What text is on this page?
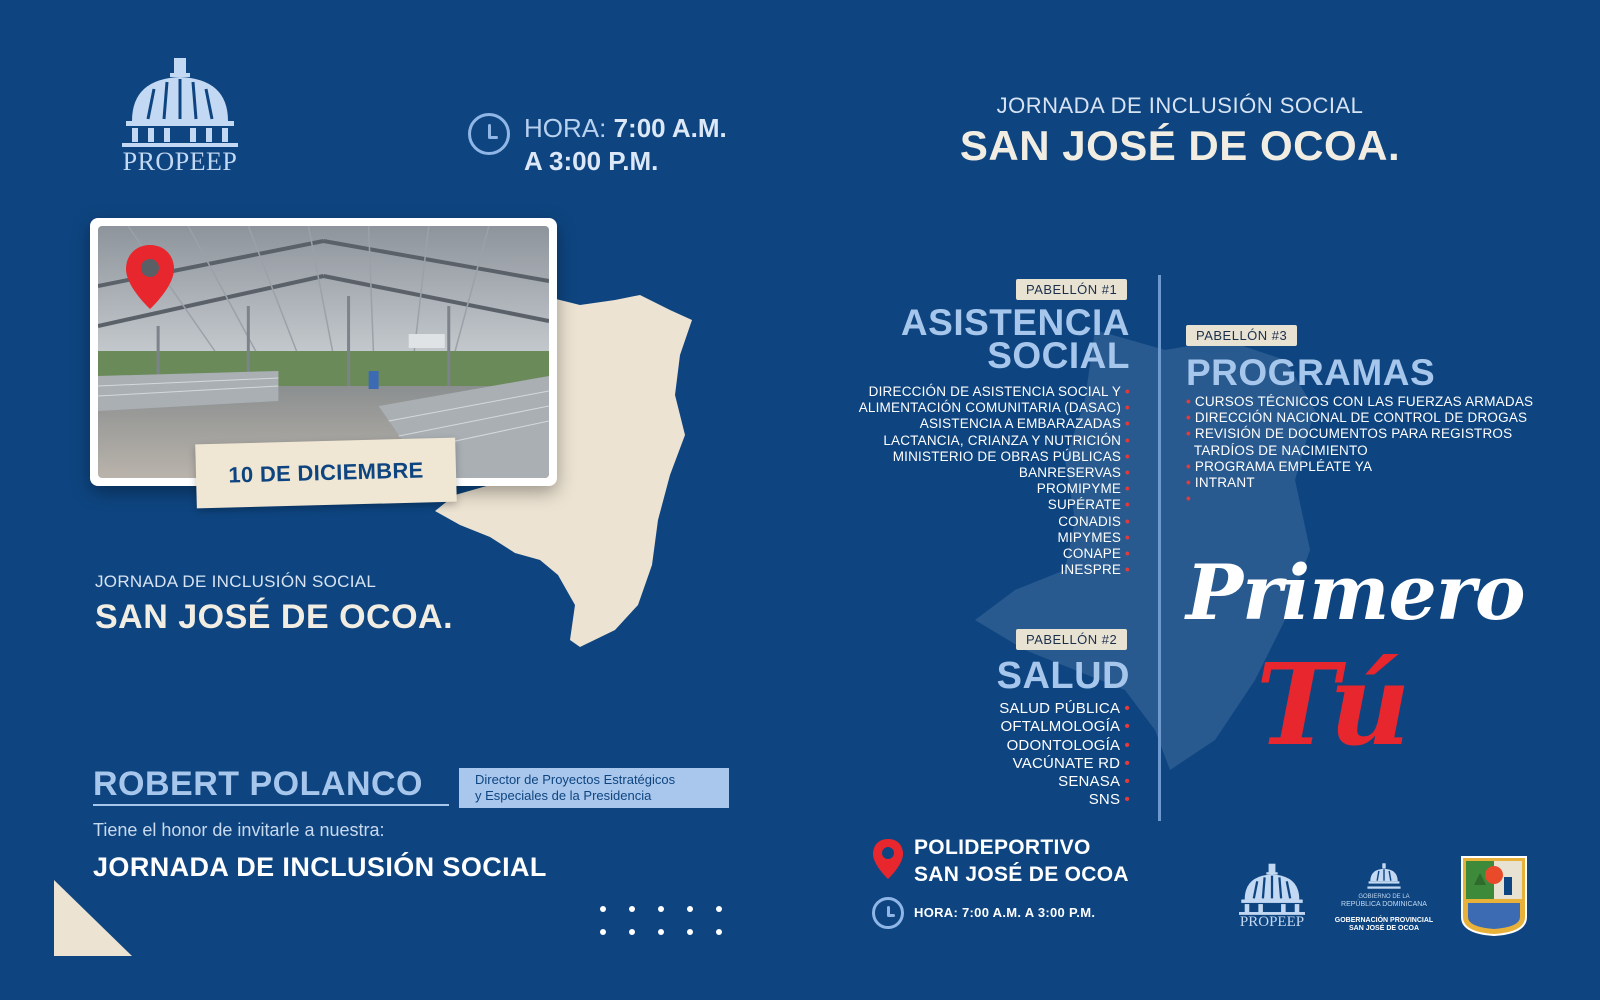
PROPEEP
HORA: 7:00 A.M.
A 3:00 P.M.
10 DE DICIEMBRE
JORNADA DE INCLUSIÓN SOCIAL
SAN JOSÉ DE OCOA.
ROBERT POLANCO	Director de Proyectos Estratégicos
y Especiales de la Presidencia
Tiene el honor de invitarle a nuestra:
JORNADA DE INCLUSIÓN SOCIAL
JORNADA DE INCLUSIÓN SOCIAL
SAN JOSÉ DE OCOA.
PABELLÓN #1
ASISTENCIA
SOCIAL
DIRECCIÓN DE ASISTENCIA SOCIAL Y •
ALIMENTACIÓN COMUNITARIA (DASAC) •
ASISTENCIA A EMBARAZADAS •
LACTANCIA, CRIANZA Y NUTRICIÓN •
MINISTERIO DE OBRAS PÚBLICAS •
BANRESERVAS •
PROMIPYME •
SUPÉRATE •
CONADIS •
MIPYMES •
CONAPE •
INESPRE •
PABELLÓN #2
SALUD
SALUD PÚBLICA •
OFTALMOLOGÍA •
ODONTOLOGÍA •
VACÚNATE RD •
SENASA •
SNS •
PABELLÓN #3
PROGRAMAS
• CURSOS TÉCNICOS CON LAS FUERZAS ARMADAS
• DIRECCIÓN NACIONAL DE CONTROL DE DROGAS
• REVISIÓN DE DOCUMENTOS PARA REGISTROS
TARDÍOS DE NACIMIENTO
• PROGRAMA EMPLÉATE YA
• INTRANT
•
Primero
Tú
POLIDEPORTIVO
SAN JOSÉ DE OCOA
HORA: 7:00 A.M. A 3:00 P.M.
PROPEEP
GOBIERNO DE LA
REPÚBLICA DOMINICANA
GOBERNACIÓN PROVINCIAL
SAN JOSÉ DE OCOA
